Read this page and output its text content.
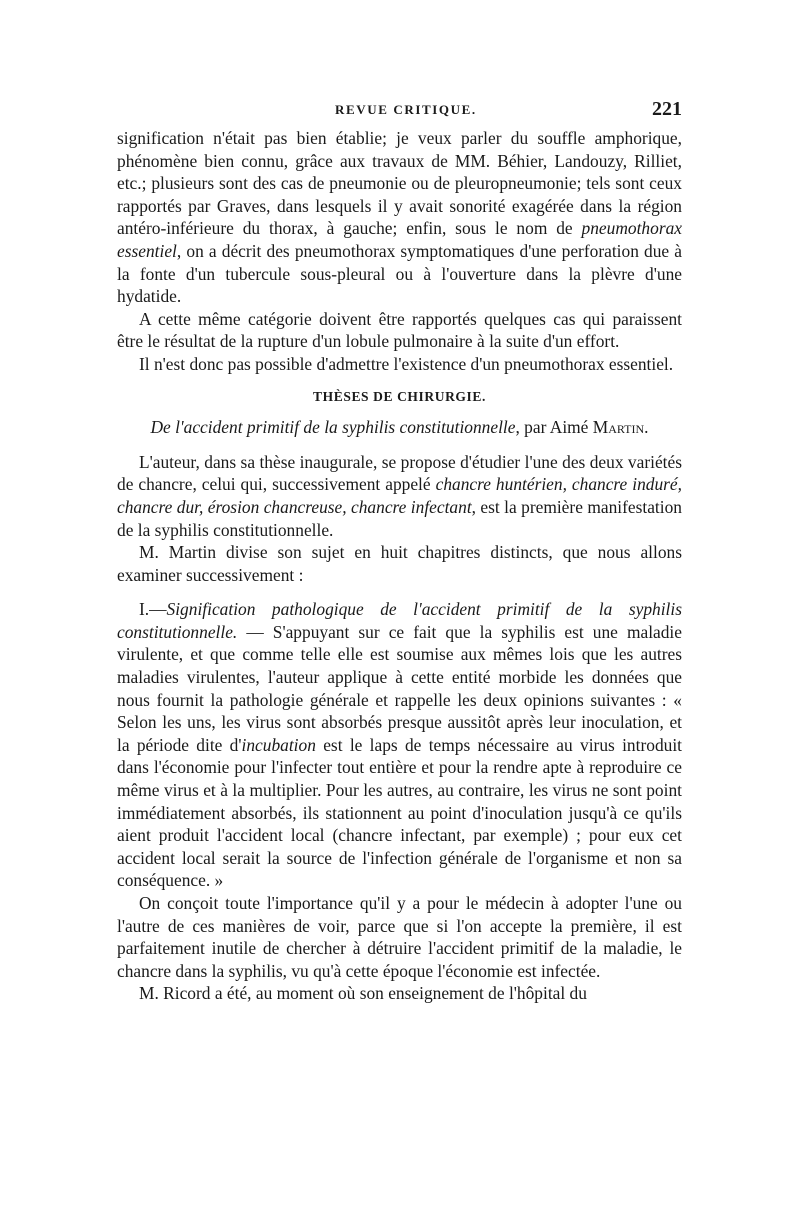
REVUE CRITIQUE.	221

signification n'était pas bien établie; je veux parler du souffle amphorique, phénomène bien connu, grâce aux travaux de MM. Béhier, Landouzy, Rilliet, etc.; plusieurs sont des cas de pneumonie ou de pleuropneumonie; tels sont ceux rapportés par Graves, dans lesquels il y avait sonorité exagérée dans la région antéro-inférieure du thorax, à gauche; enfin, sous le nom de pneumothorax essentiel, on a décrit des pneumothorax symptomatiques d'une perforation due à la fonte d'un tubercule sous-pleural ou à l'ouverture dans la plèvre d'une hydatide.

A cette même catégorie doivent être rapportés quelques cas qui paraissent être le résultat de la rupture d'un lobule pulmonaire à la suite d'un effort.

Il n'est donc pas possible d'admettre l'existence d'un pneumothorax essentiel.

THÈSES DE CHIRURGIE.

De l'accident primitif de la syphilis constitutionnelle, par Aimé Martin.

L'auteur, dans sa thèse inaugurale, se propose d'étudier l'une des deux variétés de chancre, celui qui, successivement appelé chancre huntérien, chancre induré, chancre dur, érosion chancreuse, chancre infectant, est la première manifestation de la syphilis constitutionnelle.

M. Martin divise son sujet en huit chapitres distincts, que nous allons examiner successivement :

I.—Signification pathologique de l'accident primitif de la syphilis constitutionnelle. — S'appuyant sur ce fait que la syphilis est une maladie virulente, et que comme telle elle est soumise aux mêmes lois que les autres maladies virulentes, l'auteur applique à cette entité morbide les données que nous fournit la pathologie générale et rappelle les deux opinions suivantes : « Selon les uns, les virus sont absorbés presque aussitôt après leur inoculation, et la période dite d'incubation est le laps de temps nécessaire au virus introduit dans l'économie pour l'infecter tout entière et pour la rendre apte à reproduire ce même virus et à la multiplier. Pour les autres, au contraire, les virus ne sont point immédiatement absorbés, ils stationnent au point d'inoculation jusqu'à ce qu'ils aient produit l'accident local (chancre infectant, par exemple) ; pour eux cet accident local serait la source de l'infection générale de l'organisme et non sa conséquence. »

On conçoit toute l'importance qu'il y a pour le médecin à adopter l'une ou l'autre de ces manières de voir, parce que si l'on accepte la première, il est parfaitement inutile de chercher à détruire l'accident primitif de la maladie, le chancre dans la syphilis, vu qu'à cette époque l'économie est infectée.

M. Ricord a été, au moment où son enseignement de l'hôpital du
